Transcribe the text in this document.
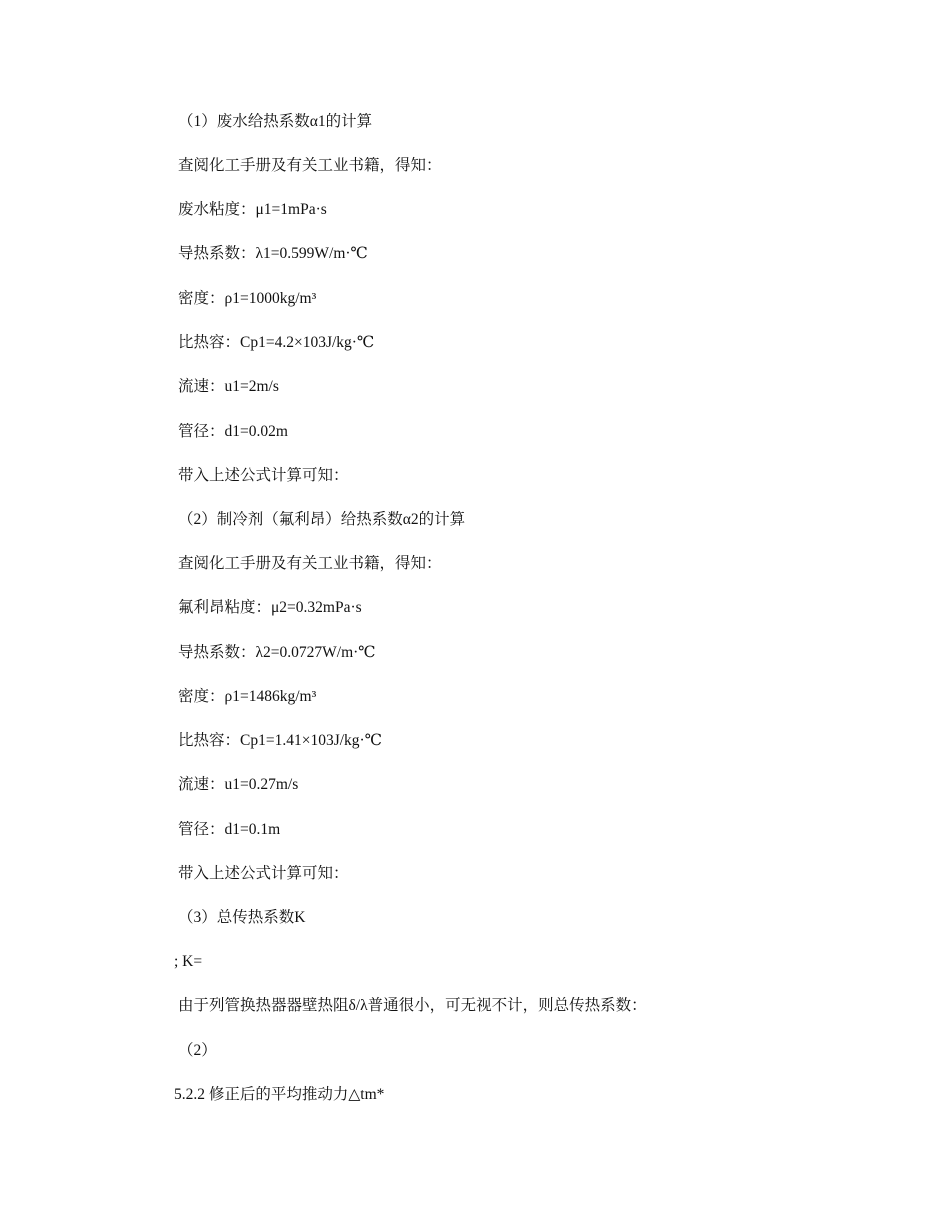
（1）废水给热系数α1的计算
查阅化工手册及有关工业书籍，得知：
废水粘度：μ1=1mPa·s
导热系数：λ1=0.599W/m·℃
密度：ρ1=1000kg/m³
比热容：Cp1=4.2×103J/kg·℃
流速：u1=2m/s
管径：d1=0.02m
带入上述公式计算可知：
（2）制冷剂（氟利昂）给热系数α2的计算
查阅化工手册及有关工业书籍，得知：
氟利昂粘度：μ2=0.32mPa·s
导热系数：λ2=0.0727W/m·℃
密度：ρ1=1486kg/m³
比热容：Cp1=1.41×103J/kg·℃
流速：u1=0.27m/s
管径：d1=0.1m
带入上述公式计算可知：
（3）总传热系数K
; K=
由于列管换热器器壁热阻δ/λ普通很小，可无视不计，则总传热系数：
（2）
5.2.2 修正后的平均推动力△tm*
